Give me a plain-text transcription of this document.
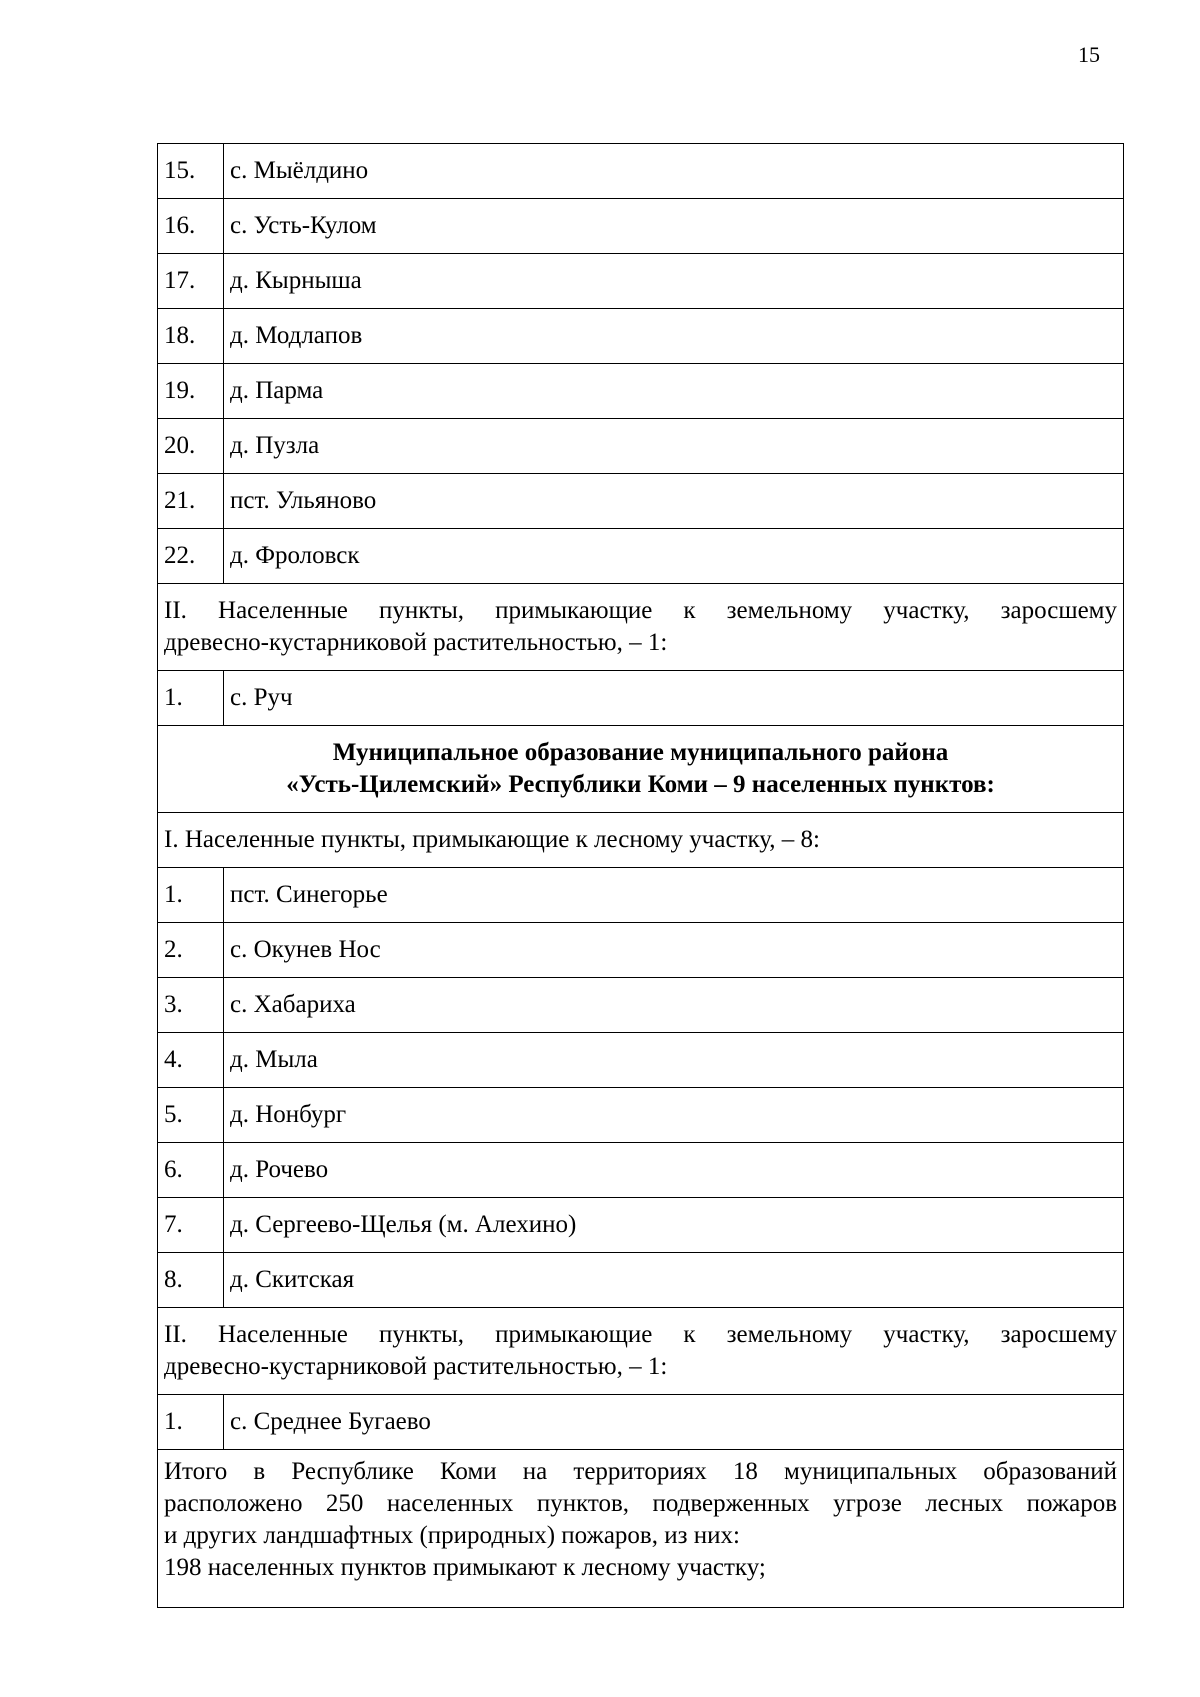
15
15.	с. Мыёлдино
16.	с. Усть-Кулом
17.	д. Кырныша
18.	д. Модлапов
19.	д. Парма
20.	д. Пузла
21.	пст. Ульяново
22.	д. Фроловск

II. Населенные пункты, примыкающие к земельному участку, заросшему
древесно-кустарниковой растительностью, – 1:	

1.	с. Руч

Муниципальное образование муниципального района
«Усть-Цилемский» Республики Коми – 9 населенных пунктов:	

I. Населенные пункты, примыкающие к лесному участку, – 8:	
1.	пст. Синегорье
2.	с. Окунев Нос
3.	с. Хабариха
4.	д. Мыла
5.	д. Нонбург
6.	д. Рочево
7.	д. Сергеево-Щелья (м. Алехино)
8.	д. Скитская

II. Населенные пункты, примыкающие к земельному участку, заросшему
древесно-кустарниковой растительностью, – 1:	

1.	с. Среднее Бугаево

Итого в Республике Коми на территориях 18 муниципальных образований
расположено 250 населенных пунктов, подверженных угрозе лесных пожаров
и других ландшафтных (природных) пожаров, из них:
198 населенных пунктов примыкают к лесному участку;	
